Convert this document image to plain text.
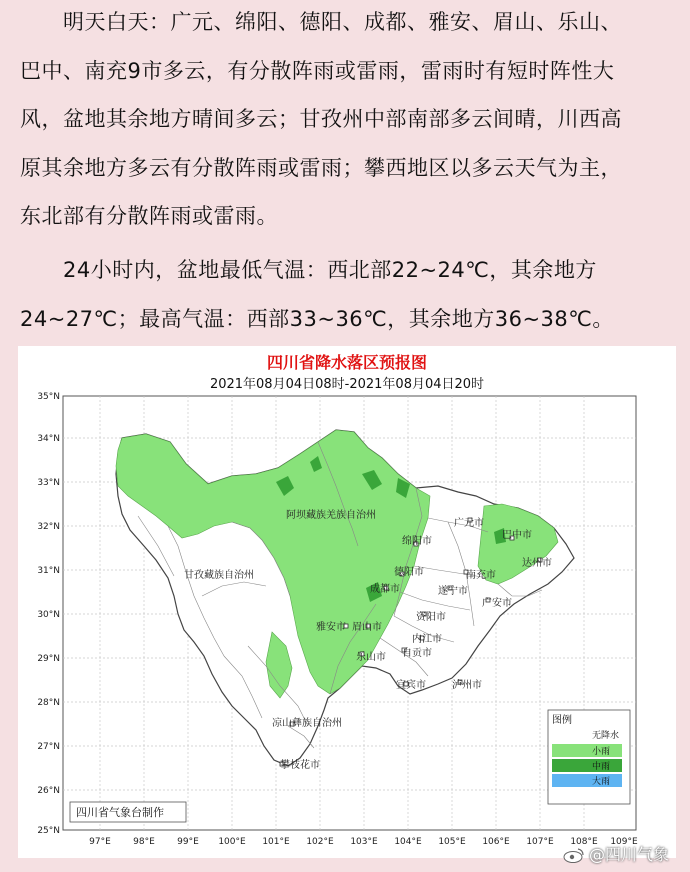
　　明天白天：广元、绵阳、德阳、成都、雅安、眉山、乐山、
巴中、南充9市多云，有分散阵雨或雷雨，雷雨时有短时阵性大
风，盆地其余地方晴间多云；甘孜州中部南部多云间晴，川西高
原其余地方多云有分散阵雨或雷雨；攀西地区以多云天气为主，
东北部有分散阵雨或雷雨。
　　24小时内，盆地最低气温：西北部22~24℃，其余地方
24~27℃；最高气温：西部33~36℃，其余地方36~38℃。
四川省降水落区预报图
2021年08月04日08时-2021年08月04日20时
阿坝藏族羌族自治州
甘孜藏族自治州
凉山彝族自治州
攀枝花市
绵阳市
德阳市
成都市
雅安市 眉山市
乐山市
广元市
巴中市
南充市
达州市
遂宁市
广安市
资阳市
内江市
自贡市
宜宾市	泸州市
35°N
34°N
33°N
32°N
31°N
30°N
29°N
28°N
27°N
26°N
25°N
97°E 98°E 99°E 100°E 101°E 102°E 103°E 104°E 105°E 106°E 107°E 108°E 109°E
图例
无降水
小雨
中雨
大雨
四川省气象台制作
@四川气象
